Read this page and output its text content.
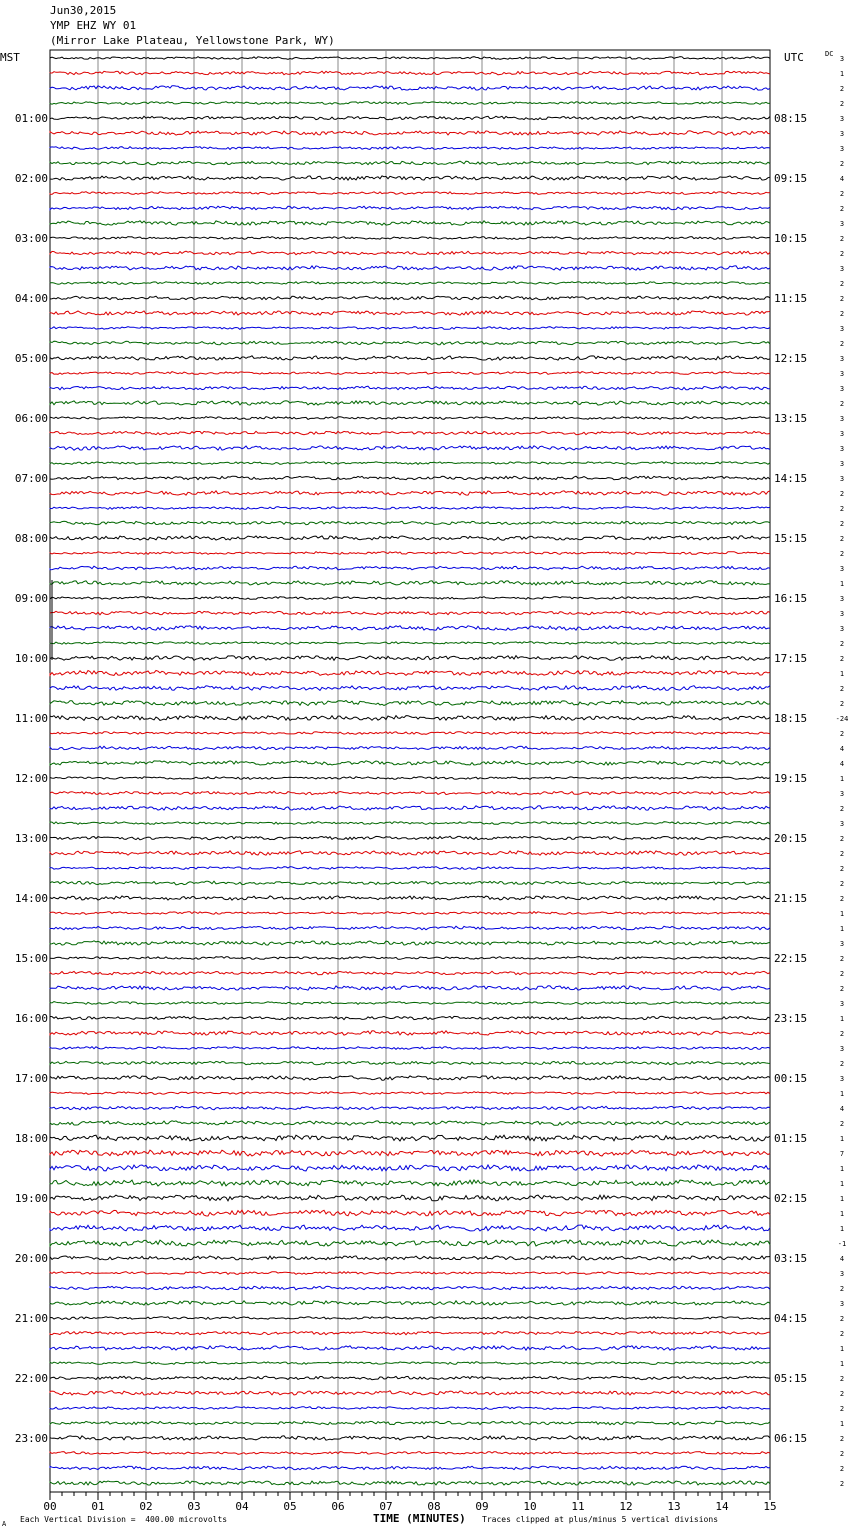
Jun30,2015
YMP EHZ WY 01
(Mirror Lake Plateau, Yellowstone Park, WY)
3
1
2
2
3
3
3
2
4
2
2
3
2
2
3
2
2
2
3
2
3
3
3
2
3
3
3
3
3
2
2
2
2
2
3
1
3
3
3
2
2
1
2
2
-24
2
4
4
1
3
2
3
2
2
2
2
2
1
1
3
2
2
2
3
1
2
3
2
3
1
4
2
1
7
1
1
1
1
1
-1
4
3
2
3
2
2
1
1
2
2
2
1
2
2
2
2
01:00
02:00
03:00
04:00
05:00
06:00
07:00
08:00
09:00
10:00
11:00
12:00
13:00
14:00
15:00
16:00
17:00
18:00
19:00
20:00
21:00
22:00
23:00
08:15
09:15
10:15
11:15
12:15
13:15
14:15
15:15
16:15
17:15
18:15
19:15
20:15
21:15
22:15
23:15
00:15
01:15
02:15
03:15
04:15
05:15
06:15
MST	UTC	DC
00	01	02	03	04	05	06	07	08	09	10	11	12	13	14	15
A Each Vertical Division =  400.00 microvolts	TIME (MINUTES) Traces clipped at plus/minus 5 vertical divisions
